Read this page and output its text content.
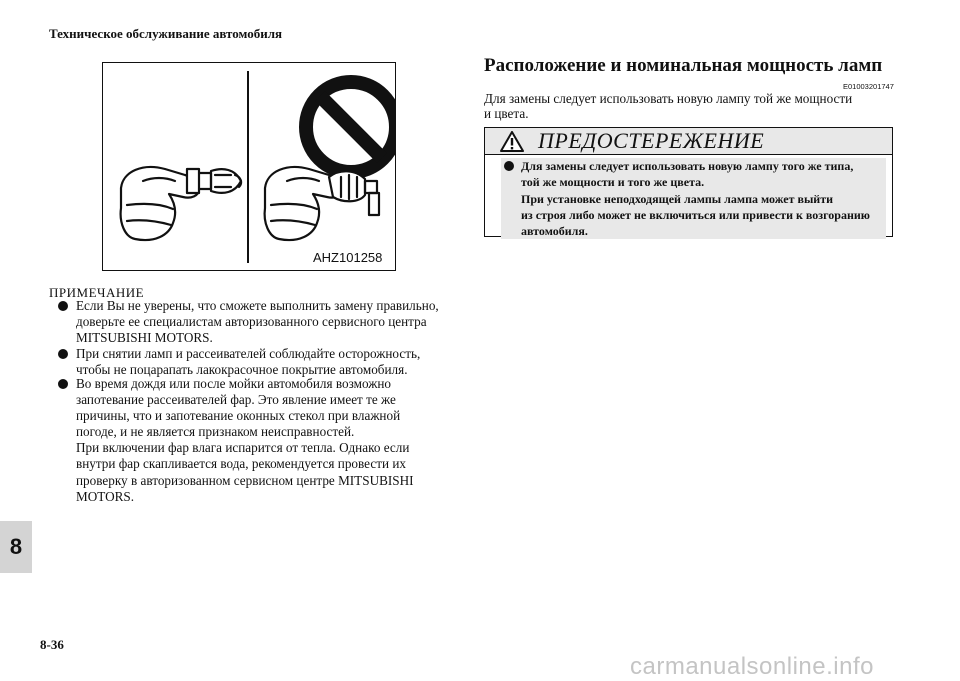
Техническое обслуживание автомобиля
AHZ101258
ПРИМЕЧАНИЕ
Если Вы не уверены, что сможете выполнить замену правильно,
доверьте ее специалистам авторизованного сервисного центра
MITSUBISHI MOTORS.
При снятии ламп и рассеивателей соблюдайте осторожность,
чтобы не поцарапать лакокрасочное покрытие автомобиля.
Во время дождя или после мойки автомобиля возможно
запотевание рассеивателей фар. Это явление имеет те же
причины, что и запотевание оконных стекол при влажной
погоде, и не является признаком неисправностей.
При включении фар влага испарится от тепла. Однако если
внутри фар скапливается вода, рекомендуется провести их
проверку в авторизованном сервисном центре MITSUBISHI
MOTORS.
Расположение и номинальная мощность ламп
E01003201747
Для замены следует использовать новую лампу той же мощности
и цвета.
ПРЕДОСТЕРЕЖЕНИЕ
Для замены следует использовать новую лампу того же типа,
той же мощности и того же цвета.
При установке неподходящей лампы лампа может выйти
из строя либо может не включиться или привести к возгоранию
автомобиля.
8
8-36
carmanualsonline.info
